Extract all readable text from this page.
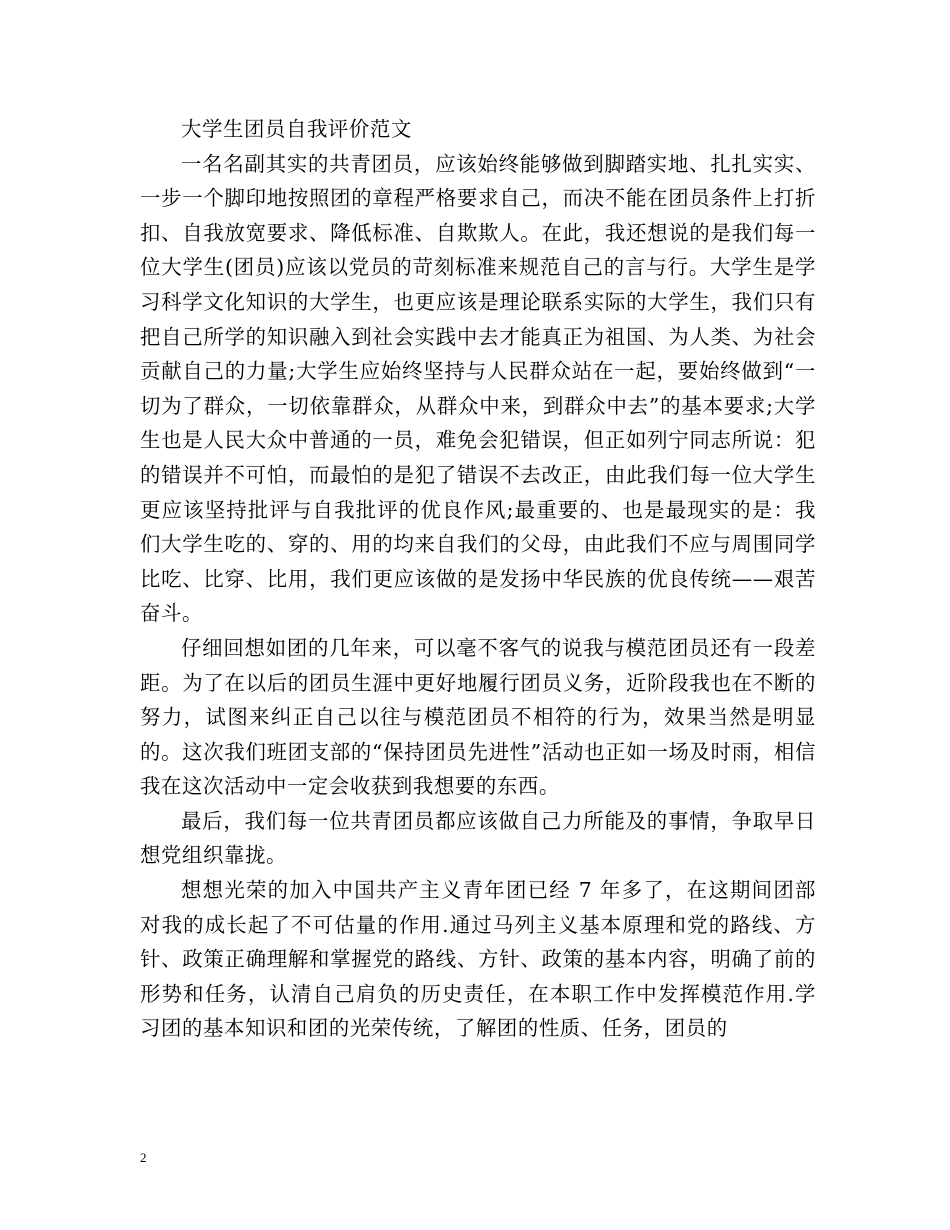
大学生团员自我评价范文

一名名副其实的共青团员，应该始终能够做到脚踏实地、扎扎实实、一步一个脚印地按照团的章程严格要求自己，而决不能在团员条件上打折扣、自我放宽要求、降低标准、自欺欺人。在此，我还想说的是我们每一位大学生(团员)应该以党员的苛刻标准来规范自己的言与行。大学生是学习科学文化知识的大学生，也更应该是理论联系实际的大学生，我们只有把自己所学的知识融入到社会实践中去才能真正为祖国、为人类、为社会贡献自己的力量;大学生应始终坚持与人民群众站在一起，要始终做到“一切为了群众，一切依靠群众，从群众中来，到群众中去”的基本要求;大学生也是人民大众中普通的一员，难免会犯错误，但正如列宁同志所说：犯的错误并不可怕，而最怕的是犯了错误不去改正，由此我们每一位大学生更应该坚持批评与自我批评的优良作风;最重要的、也是最现实的是：我们大学生吃的、穿的、用的均来自我们的父母，由此我们不应与周围同学比吃、比穿、比用，我们更应该做的是发扬中华民族的优良传统——艰苦奋斗。

仔细回想如团的几年来，可以毫不客气的说我与模范团员还有一段差距。为了在以后的团员生涯中更好地履行团员义务，近阶段我也在不断的努力，试图来纠正自己以往与模范团员不相符的行为，效果当然是明显的。这次我们班团支部的“保持团员先进性”活动也正如一场及时雨，相信我在这次活动中一定会收获到我想要的东西。

最后，我们每一位共青团员都应该做自己力所能及的事情，争取早日想党组织靠拢。

想想光荣的加入中国共产主义青年团已经 7 年多了，在这期间团部对我的成长起了不可估量的作用.通过马列主义基本原理和党的路线、方针、政策正确理解和掌握党的路线、方针、政策的基本内容，明确了前的形势和任务，认清自己肩负的历史责任，在本职工作中发挥模范作用.学习团的基本知识和团的光荣传统，了解团的性质、任务，团员的

2
